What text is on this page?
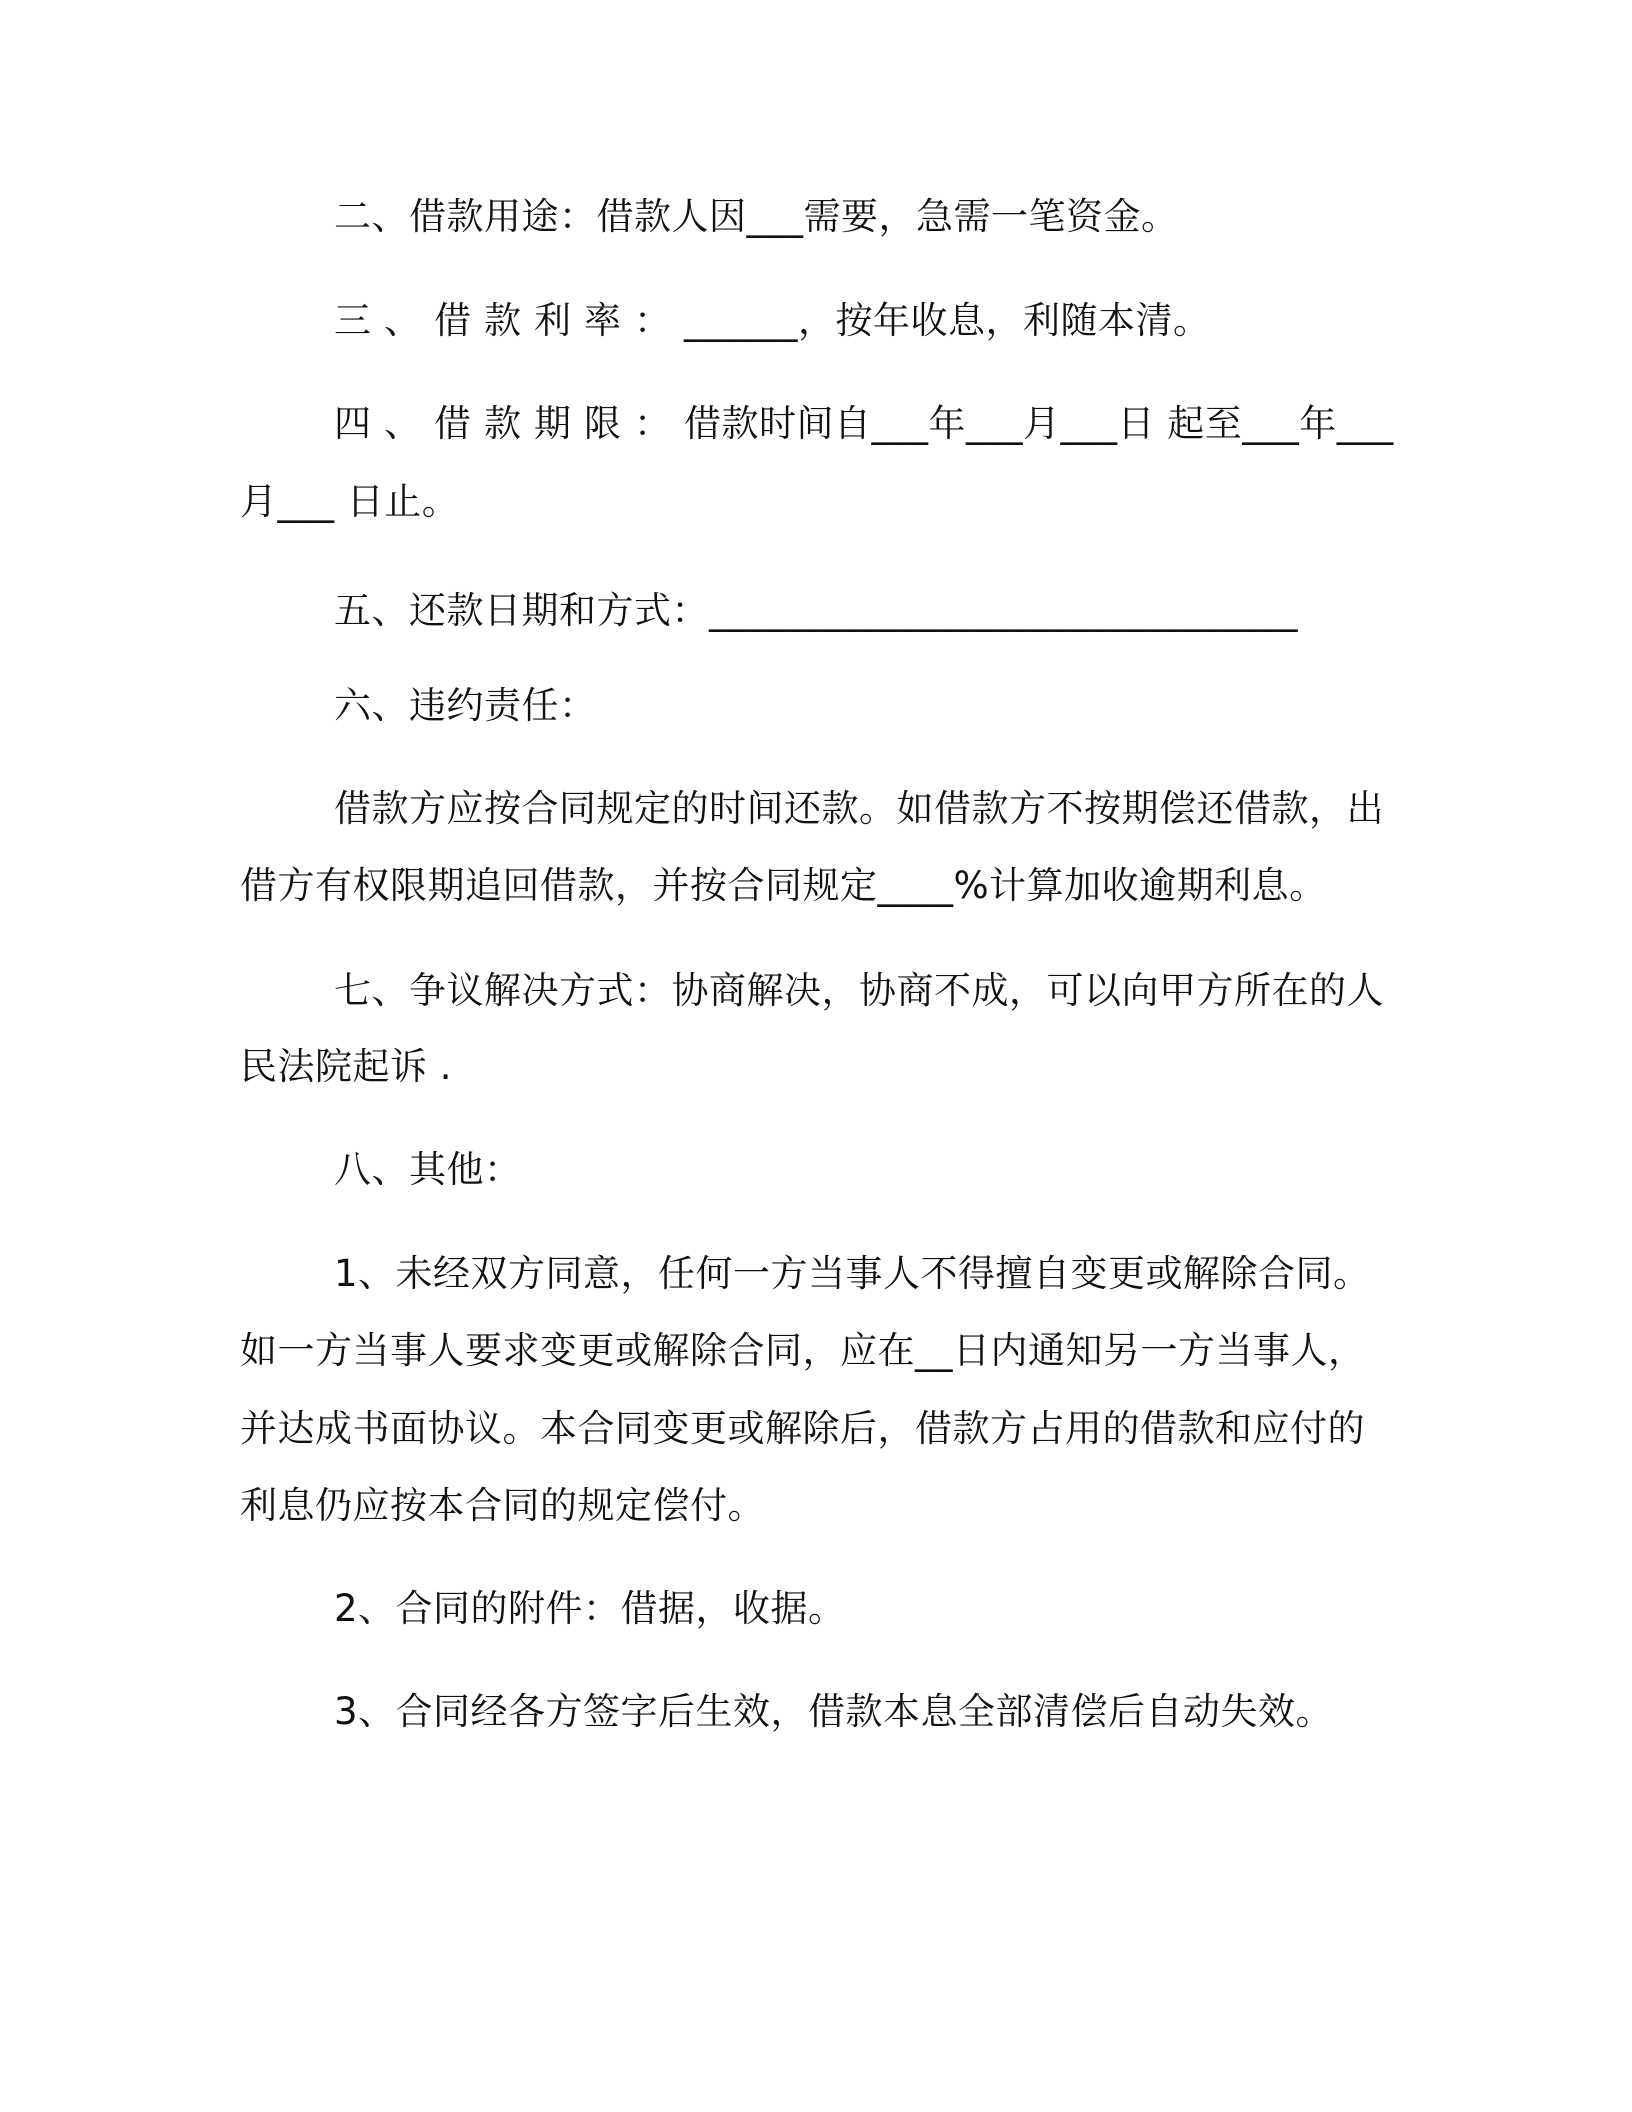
二、借款用途：借款人因___需要，急需一笔资金。
三、借款利率：______，按年收息，利随本清。
四、借款期限：借款时间自___年___月___日 起至___年___
月___ 日止。
五、还款日期和方式：_______________________________
六、违约责任：
借款方应按合同规定的时间还款。如借款方不按期偿还借款，出
借方有权限期追回借款，并按合同规定____%计算加收逾期利息。
七、争议解决方式：协商解决，协商不成，可以向甲方所在的人
民法院起诉 .
八、其他：
1、未经双方同意，任何一方当事人不得擅自变更或解除合同。
如一方当事人要求变更或解除合同，应在__日内通知另一方当事人，
并达成书面协议。本合同变更或解除后，借款方占用的借款和应付的
利息仍应按本合同的规定偿付。
2、合同的附件：借据，收据。
3、合同经各方签字后生效，借款本息全部清偿后自动失效。
